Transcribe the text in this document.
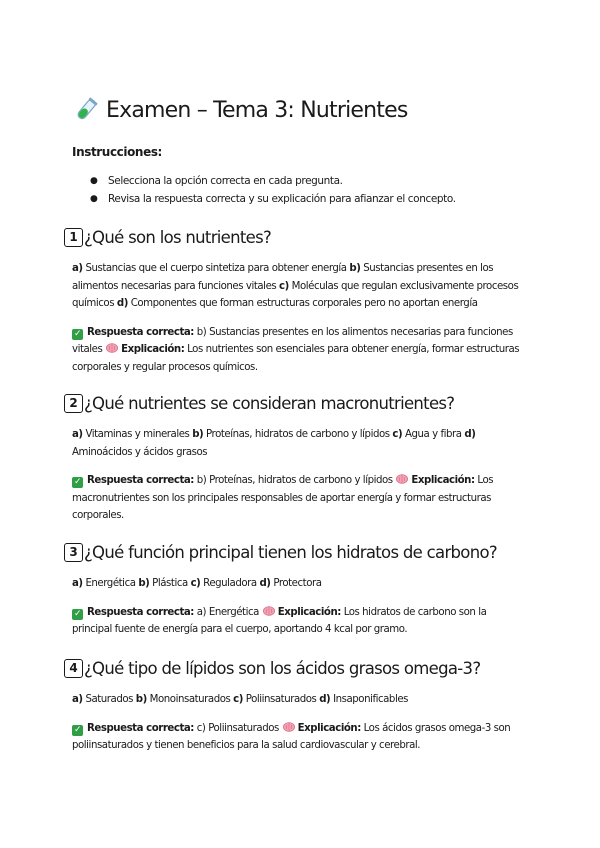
Examen – Tema 3: Nutrientes
Instrucciones:
● Selecciona la opción correcta en cada pregunta.
● Revisa la respuesta correcta y su explicación para afianzar el concepto.
1 ¿Qué son los nutrientes?
a) Sustancias que el cuerpo sintetiza para obtener energía b) Sustancias presentes en los alimentos necesarias para funciones vitales c) Moléculas que regulan exclusivamente procesos químicos d) Componentes que forman estructuras corporales pero no aportan energía
✓ Respuesta correcta: b) Sustancias presentes en los alimentos necesarias para funciones vitales Explicación: Los nutrientes son esenciales para obtener energía, formar estructuras corporales y regular procesos químicos.
2 ¿Qué nutrientes se consideran macronutrientes?
a) Vitaminas y minerales b) Proteínas, hidratos de carbono y lípidos c) Agua y fibra d) Aminoácidos y ácidos grasos
✓ Respuesta correcta: b) Proteínas, hidratos de carbono y lípidos Explicación: Los macronutrientes son los principales responsables de aportar energía y formar estructuras corporales.
3 ¿Qué función principal tienen los hidratos de carbono?
a) Energética b) Plástica c) Reguladora d) Protectora
✓ Respuesta correcta: a) Energética Explicación: Los hidratos de carbono son la principal fuente de energía para el cuerpo, aportando 4 kcal por gramo.
4 ¿Qué tipo de lípidos son los ácidos grasos omega-3?
a) Saturados b) Monoinsaturados c) Poliinsaturados d) Insaponificables
✓ Respuesta correcta: c) Poliinsaturados Explicación: Los ácidos grasos omega-3 son poliinsaturados y tienen beneficios para la salud cardiovascular y cerebral.
